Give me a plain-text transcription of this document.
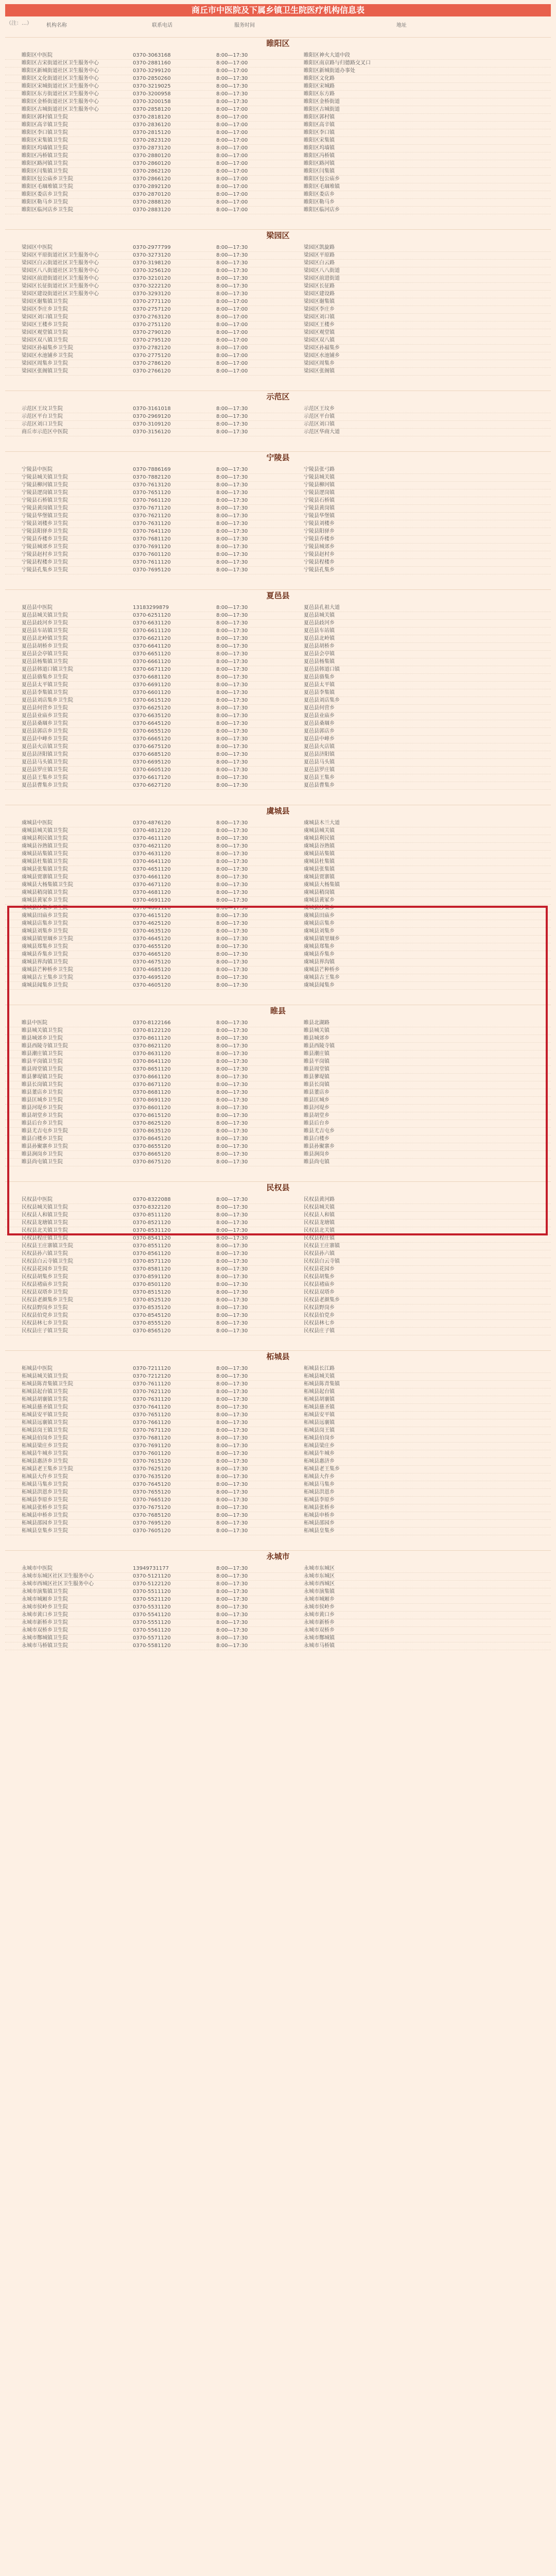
商丘市中医院及下属乡镇卫生院医疗机构信息表
（注：…）	机构名称	联系电话	服务时间	地址
睢阳区
睢阳区中医院	0370-3063168	8:00—17:30	睢阳区神火大道中段
睢阳区古宋街道社区卫生服务中心	0370-2881160	8:00—17:00	睢阳区南京路与归德路交叉口
睢阳区新城街道社区卫生服务中心	0370-3299120	8:00—17:00	睢阳区新城街道办事处
睢阳区文化街道社区卫生服务中心	0370-2850260	8:00—17:30	睢阳区文化路
睢阳区宋城街道社区卫生服务中心	0370-3219025	8:00—17:30	睢阳区宋城路
睢阳区东方街道社区卫生服务中心	0370-3200958	8:00—17:30	睢阳区东方路
睢阳区金桥街道社区卫生服务中心	0370-3200158	8:00—17:30	睢阳区金桥街道
睢阳区古城街道社区卫生服务中心	0370-2858120	8:00—17:00	睢阳区古城街道
睢阳区郭村镇卫生院	0370-2818120	8:00—17:00	睢阳区郭村镇
睢阳区高辛镇卫生院	0370-2836120	8:00—17:00	睢阳区高辛镇
睢阳区李口镇卫生院	0370-2815120	8:00—17:00	睢阳区李口镇
睢阳区宋集镇卫生院	0370-2823120	8:00—17:00	睢阳区宋集镇
睢阳区坞墙镇卫生院	0370-2873120	8:00—17:00	睢阳区坞墙镇
睢阳区冯桥镇卫生院	0370-2880120	8:00—17:00	睢阳区冯桥镇
睢阳区路河镇卫生院	0370-2860120	8:00—17:00	睢阳区路河镇
睢阳区闫集镇卫生院	0370-2862120	8:00—17:00	睢阳区闫集镇
睢阳区包公庙乡卫生院	0370-2866120	8:00—17:00	睢阳区包公庙乡
睢阳区毛堌堆镇卫生院	0370-2892120	8:00—17:00	睢阳区毛堌堆镇
睢阳区娄店乡卫生院	0370-2870120	8:00—17:00	睢阳区娄店乡
睢阳区勒马乡卫生院	0370-2888120	8:00—17:00	睢阳区勒马乡
睢阳区临河店乡卫生院	0370-2883120	8:00—17:00	睢阳区临河店乡
梁园区
梁园区中医院	0370-2977799	8:00—17:30	梁园区凯旋路
梁园区平原街道社区卫生服务中心	0370-3273120	8:00—17:30	梁园区平原路
梁园区白云街道社区卫生服务中心	0370-3198120	8:00—17:30	梁园区白云路
梁园区八八街道社区卫生服务中心	0370-3256120	8:00—17:30	梁园区八八街道
梁园区前进街道社区卫生服务中心	0370-3210120	8:00—17:30	梁园区前进街道
梁园区长征街道社区卫生服务中心	0370-3222120	8:00—17:30	梁园区长征路
梁园区建设街道社区卫生服务中心	0370-3293120	8:00—17:30	梁园区建设路
梁园区谢集镇卫生院	0370-2771120	8:00—17:00	梁园区谢集镇
梁园区李庄乡卫生院	0370-2757120	8:00—17:00	梁园区李庄乡
梁园区刘口镇卫生院	0370-2763120	8:00—17:00	梁园区刘口镇
梁园区王楼乡卫生院	0370-2751120	8:00—17:00	梁园区王楼乡
梁园区观堂镇卫生院	0370-2790120	8:00—17:00	梁园区观堂镇
梁园区双八镇卫生院	0370-2795120	8:00—17:00	梁园区双八镇
梁园区孙福集乡卫生院	0370-2782120	8:00—17:00	梁园区孙福集乡
梁园区水池铺乡卫生院	0370-2775120	8:00—17:00	梁园区水池铺乡
梁园区周集乡卫生院	0370-2786120	8:00—17:00	梁园区周集乡
梁园区张阁镇卫生院	0370-2766120	8:00—17:00	梁园区张阁镇
示范区
示范区王坟卫生院	0370-3161018	8:00—17:30	示范区王坟乡
示范区平台卫生院	0370-2969120	8:00—17:30	示范区平台镇
示范区刘口卫生院	0370-3109120	8:00—17:30	示范区刘口镇
商丘市示范区中医院	0370-3156120	8:00—17:30	示范区华商大道
宁陵县
宁陵县中医院	0370-7886169	8:00—17:30	宁陵县张弓路
宁陵县城关镇卫生院	0370-7882120	8:00—17:30	宁陵县城关镇
宁陵县柳河镇卫生院	0370-7613120	8:00—17:30	宁陵县柳河镇
宁陵县逻岗镇卫生院	0370-7651120	8:00—17:30	宁陵县逻岗镇
宁陵县石桥镇卫生院	0370-7661120	8:00—17:30	宁陵县石桥镇
宁陵县黄岗镇卫生院	0370-7671120	8:00—17:30	宁陵县黄岗镇
宁陵县华堡镇卫生院	0370-7621120	8:00—17:30	宁陵县华堡镇
宁陵县刘楼乡卫生院	0370-7631120	8:00—17:30	宁陵县刘楼乡
宁陵县阳驿乡卫生院	0370-7641120	8:00—17:30	宁陵县阳驿乡
宁陵县乔楼乡卫生院	0370-7681120	8:00—17:30	宁陵县乔楼乡
宁陵县城郊乡卫生院	0370-7691120	8:00—17:30	宁陵县城郊乡
宁陵县赵村乡卫生院	0370-7601120	8:00—17:30	宁陵县赵村乡
宁陵县程楼乡卫生院	0370-7611120	8:00—17:30	宁陵县程楼乡
宁陵县孔集乡卫生院	0370-7695120	8:00—17:30	宁陵县孔集乡
夏邑县
夏邑县中医院	13183299879	8:00—17:30	夏邑县孔祖大道
夏邑县城关镇卫生院	0370-6251120	8:00—17:30	夏邑县城关镇
夏邑县歧河乡卫生院	0370-6631120	8:00—17:30	夏邑县歧河乡
夏邑县车站镇卫生院	0370-6611120	8:00—17:30	夏邑县车站镇
夏邑县北岭镇卫生院	0370-6621120	8:00—17:30	夏邑县北岭镇
夏邑县胡桥乡卫生院	0370-6641120	8:00—17:30	夏邑县胡桥乡
夏邑县会亭镇卫生院	0370-6651120	8:00—17:30	夏邑县会亭镇
夏邑县杨集镇卫生院	0370-6661120	8:00—17:30	夏邑县杨集镇
夏邑县韩道口镇卫生院	0370-6671120	8:00—17:30	夏邑县韩道口镇
夏邑县骆集乡卫生院	0370-6681120	8:00—17:30	夏邑县骆集乡
夏邑县太平镇卫生院	0370-6691120	8:00—17:30	夏邑县太平镇
夏邑县李集镇卫生院	0370-6601120	8:00—17:30	夏邑县李集镇
夏邑县刘店集乡卫生院	0370-6615120	8:00—17:30	夏邑县刘店集乡
夏邑县何营乡卫生院	0370-6625120	8:00—17:30	夏邑县何营乡
夏邑县业庙乡卫生院	0370-6635120	8:00—17:30	夏邑县业庙乡
夏邑县桑堌乡卫生院	0370-6645120	8:00—17:30	夏邑县桑堌乡
夏邑县郭店乡卫生院	0370-6655120	8:00—17:30	夏邑县郭店乡
夏邑县中峰乡卫生院	0370-6665120	8:00—17:30	夏邑县中峰乡
夏邑县火店镇卫生院	0370-6675120	8:00—17:30	夏邑县火店镇
夏邑县济阳镇卫生院	0370-6685120	8:00—17:30	夏邑县济阳镇
夏邑县马头镇卫生院	0370-6695120	8:00—17:30	夏邑县马头镇
夏邑县罗庄镇卫生院	0370-6605120	8:00—17:30	夏邑县罗庄镇
夏邑县王集乡卫生院	0370-6617120	8:00—17:30	夏邑县王集乡
夏邑县曹集乡卫生院	0370-6627120	8:00—17:30	夏邑县曹集乡
虞城县
虞城县中医院	0370-4876120	8:00—17:30	虞城县木兰大道
虞城县城关镇卫生院	0370-4812120	8:00—17:30	虞城县城关镇
虞城县利民镇卫生院	0370-4611120	8:00—17:30	虞城县利民镇
虞城县谷熟镇卫生院	0370-4621120	8:00—17:30	虞城县谷熟镇
虞城县站集镇卫生院	0370-4631120	8:00—17:30	虞城县站集镇
虞城县杜集镇卫生院	0370-4641120	8:00—17:30	虞城县杜集镇
虞城县张集镇卫生院	0370-4651120	8:00—17:30	虞城县张集镇
虞城县贾寨镇卫生院	0370-4661120	8:00—17:30	虞城县贾寨镇
虞城县大杨集镇卫生院	0370-4671120	8:00—17:30	虞城县大杨集镇
虞城县稍岗镇卫生院	0370-4681120	8:00—17:30	虞城县稍岗镇
虞城县黄冢乡卫生院	0370-4691120	8:00—17:30	虞城县黄冢乡
虞城县沙集乡卫生院	0370-4601120	8:00—17:30	虞城县沙集乡
虞城县田庙乡卫生院	0370-4615120	8:00—17:30	虞城县田庙乡
虞城县店集乡卫生院	0370-4625120	8:00—17:30	虞城县店集乡
虞城县刘集乡卫生院	0370-4635120	8:00—17:30	虞城县刘集乡
虞城县镇里堌乡卫生院	0370-4645120	8:00—17:30	虞城县镇里堌乡
虞城县郑集乡卫生院	0370-4655120	8:00—17:30	虞城县郑集乡
虞城县乔集乡卫生院	0370-4665120	8:00—17:30	虞城县乔集乡
虞城县界沟镇卫生院	0370-4675120	8:00—17:30	虞城县界沟镇
虞城县芒种桥乡卫生院	0370-4685120	8:00—17:30	虞城县芒种桥乡
虞城县古王集乡卫生院	0370-4695120	8:00—17:30	虞城县古王集乡
虞城县闻集乡卫生院	0370-4605120	8:00—17:30	虞城县闻集乡
睢县
睢县中医院	0370-8122166	8:00—17:30	睢县北湖路
睢县城关镇卫生院	0370-8122120	8:00—17:30	睢县城关镇
睢县城郊乡卫生院	0370-8611120	8:00—17:30	睢县城郊乡
睢县西陵寺镇卫生院	0370-8621120	8:00—17:30	睢县西陵寺镇
睢县潮庄镇卫生院	0370-8631120	8:00—17:30	睢县潮庄镇
睢县平岗镇卫生院	0370-8641120	8:00—17:30	睢县平岗镇
睢县周堂镇卫生院	0370-8651120	8:00—17:30	睢县周堂镇
睢县蓼堤镇卫生院	0370-8661120	8:00—17:30	睢县蓼堤镇
睢县长岗镇卫生院	0370-8671120	8:00—17:30	睢县长岗镇
睢县董店乡卫生院	0370-8681120	8:00—17:30	睢县董店乡
睢县匡城乡卫生院	0370-8691120	8:00—17:30	睢县匡城乡
睢县河堤乡卫生院	0370-8601120	8:00—17:30	睢县河堤乡
睢县胡堂乡卫生院	0370-8615120	8:00—17:30	睢县胡堂乡
睢县后台乡卫生院	0370-8625120	8:00—17:30	睢县后台乡
睢县尤吉屯乡卫生院	0370-8635120	8:00—17:30	睢县尤吉屯乡
睢县白楼乡卫生院	0370-8645120	8:00—17:30	睢县白楼乡
睢县孙聚寨乡卫生院	0370-8655120	8:00—17:30	睢县孙聚寨乡
睢县涧岗乡卫生院	0370-8665120	8:00—17:30	睢县涧岗乡
睢县尚屯镇卫生院	0370-8675120	8:00—17:30	睢县尚屯镇
民权县
民权县中医院	0370-8322088	8:00—17:30	民权县黄河路
民权县城关镇卫生院	0370-8322120	8:00—17:30	民权县城关镇
民权县人和镇卫生院	0370-8511120	8:00—17:30	民权县人和镇
民权县龙塘镇卫生院	0370-8521120	8:00—17:30	民权县龙塘镇
民权县北关镇卫生院	0370-8531120	8:00—17:30	民权县北关镇
民权县程庄镇卫生院	0370-8541120	8:00—17:30	民权县程庄镇
民权县王庄寨镇卫生院	0370-8551120	8:00—17:30	民权县王庄寨镇
民权县孙六镇卫生院	0370-8561120	8:00—17:30	民权县孙六镇
民权县白云寺镇卫生院	0370-8571120	8:00—17:30	民权县白云寺镇
民权县花园乡卫生院	0370-8581120	8:00—17:30	民权县花园乡
民权县胡集乡卫生院	0370-8591120	8:00—17:30	民权县胡集乡
民权县褚庙乡卫生院	0370-8501120	8:00—17:30	民权县褚庙乡
民权县双塔乡卫生院	0370-8515120	8:00—17:30	民权县双塔乡
民权县老颜集乡卫生院	0370-8525120	8:00—17:30	民权县老颜集乡
民权县野岗乡卫生院	0370-8535120	8:00—17:30	民权县野岗乡
民权县伯党乡卫生院	0370-8545120	8:00—17:30	民权县伯党乡
民权县林七乡卫生院	0370-8555120	8:00—17:30	民权县林七乡
民权县庄子镇卫生院	0370-8565120	8:00—17:30	民权县庄子镇
柘城县
柘城县中医院	0370-7211120	8:00—17:30	柘城县长江路
柘城县城关镇卫生院	0370-7212120	8:00—17:30	柘城县城关镇
柘城县陈青集镇卫生院	0370-7611120	8:00—17:30	柘城县陈青集镇
柘城县起台镇卫生院	0370-7621120	8:00—17:30	柘城县起台镇
柘城县胡襄镇卫生院	0370-7631120	8:00—17:30	柘城县胡襄镇
柘城县慈圣镇卫生院	0370-7641120	8:00—17:30	柘城县慈圣镇
柘城县安平镇卫生院	0370-7651120	8:00—17:30	柘城县安平镇
柘城县远襄镇卫生院	0370-7661120	8:00—17:30	柘城县远襄镇
柘城县岗王镇卫生院	0370-7671120	8:00—17:30	柘城县岗王镇
柘城县伯岗乡卫生院	0370-7681120	8:00—17:30	柘城县伯岗乡
柘城县梁庄乡卫生院	0370-7691120	8:00—17:30	柘城县梁庄乡
柘城县牛城乡卫生院	0370-7601120	8:00—17:30	柘城县牛城乡
柘城县惠济乡卫生院	0370-7615120	8:00—17:30	柘城县惠济乡
柘城县老王集乡卫生院	0370-7625120	8:00—17:30	柘城县老王集乡
柘城县大仵乡卫生院	0370-7635120	8:00—17:30	柘城县大仵乡
柘城县马集乡卫生院	0370-7645120	8:00—17:30	柘城县马集乡
柘城县洪恩乡卫生院	0370-7655120	8:00—17:30	柘城县洪恩乡
柘城县李原乡卫生院	0370-7665120	8:00—17:30	柘城县李原乡
柘城县张桥乡卫生院	0370-7675120	8:00—17:30	柘城县张桥乡
柘城县申桥乡卫生院	0370-7685120	8:00—17:30	柘城县申桥乡
柘城县邵园乡卫生院	0370-7695120	8:00—17:30	柘城县邵园乡
柘城县皇集乡卫生院	0370-7605120	8:00—17:30	柘城县皇集乡
永城市
永城市中医院	13949731177	8:00—17:30	永城市东城区
永城市东城区社区卫生服务中心	0370-5121120	8:00—17:30	永城市东城区
永城市西城区社区卫生服务中心	0370-5122120	8:00—17:30	永城市西城区
永城市演集镇卫生院	0370-5511120	8:00—17:30	永城市演集镇
永城市城厢乡卫生院	0370-5521120	8:00—17:30	永城市城厢乡
永城市侯岭乡卫生院	0370-5531120	8:00—17:30	永城市侯岭乡
永城市黄口乡卫生院	0370-5541120	8:00—17:30	永城市黄口乡
永城市新桥乡卫生院	0370-5551120	8:00—17:30	永城市新桥乡
永城市双桥乡卫生院	0370-5561120	8:00—17:30	永城市双桥乡
永城市酂城镇卫生院	0370-5571120	8:00—17:30	永城市酂城镇
永城市马桥镇卫生院	0370-5581120	8:00—17:30	永城市马桥镇
